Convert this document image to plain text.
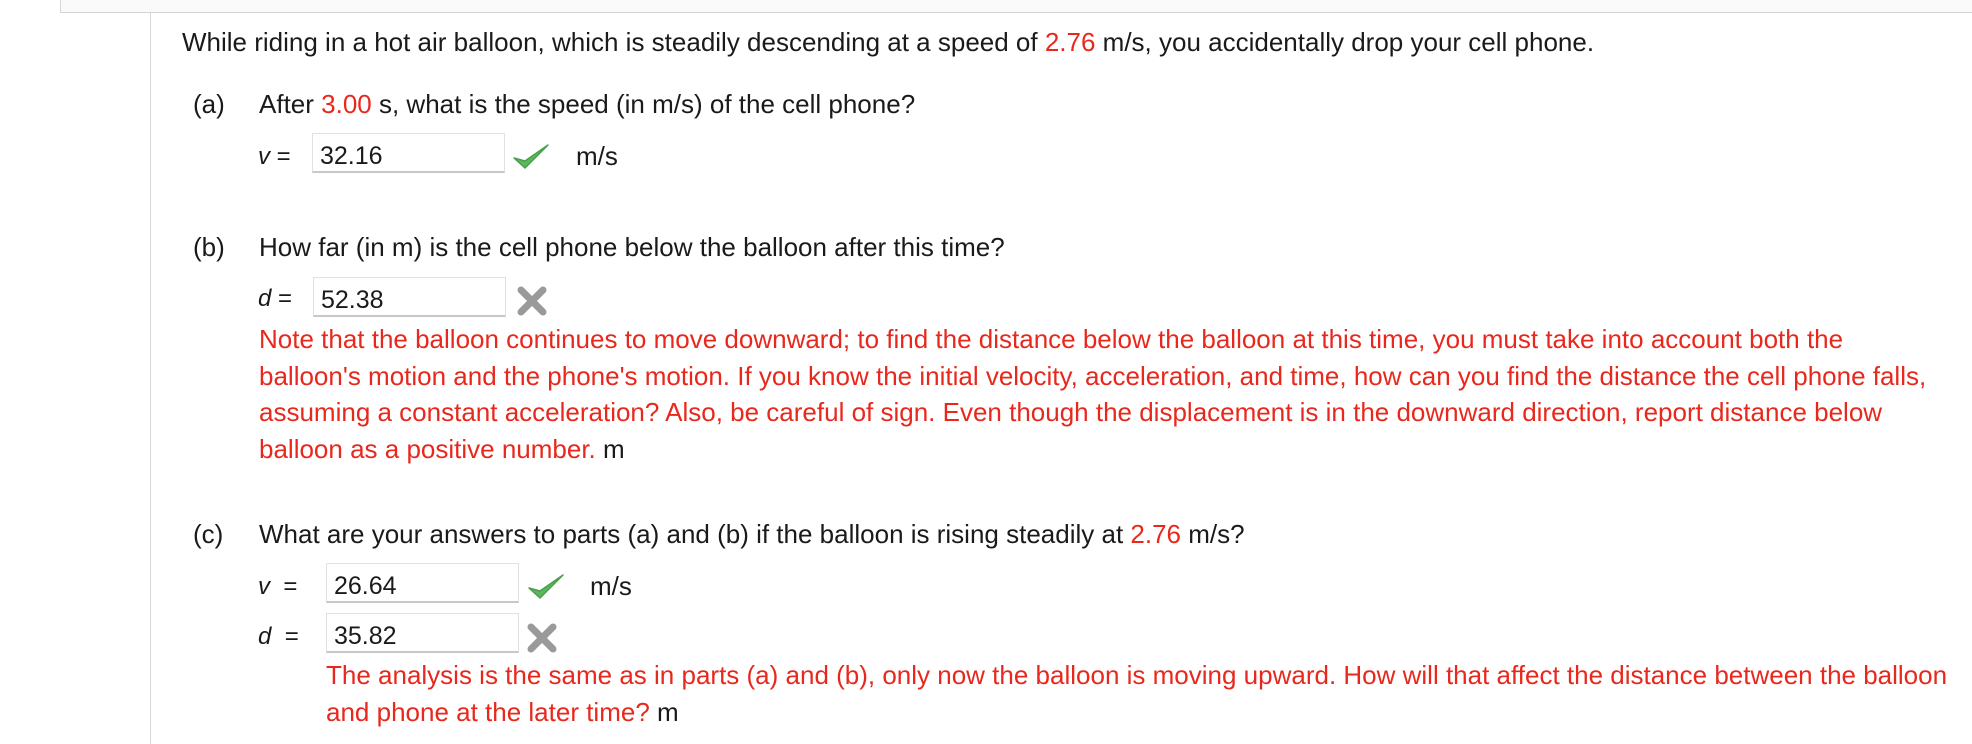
While riding in a hot air balloon, which is steadily descending at a speed of 2.76 m/s, you accidentally drop your cell phone.
(a) After 3.00 s, what is the speed (in m/s) of the cell phone?
v =	32.16	m/s
(b) How far (in m) is the cell phone below the balloon after this time?
d =	52.38
Note that the balloon continues to move downward; to find the distance below the balloon at this time, you must take into account both the balloon's motion and the phone's motion. If you know the initial velocity, acceleration, and time, how can you find the distance the cell phone falls, assuming a constant acceleration? Also, be careful of sign. Even though the displacement is in the downward direction, report distance below balloon as a positive number. m
(c) What are your answers to parts (a) and (b) if the balloon is rising steadily at 2.76 m/s?
v =	26.64	m/s
d =	35.82
The analysis is the same as in parts (a) and (b), only now the balloon is moving upward. How will that affect the distance between the balloon and phone at the later time? m
